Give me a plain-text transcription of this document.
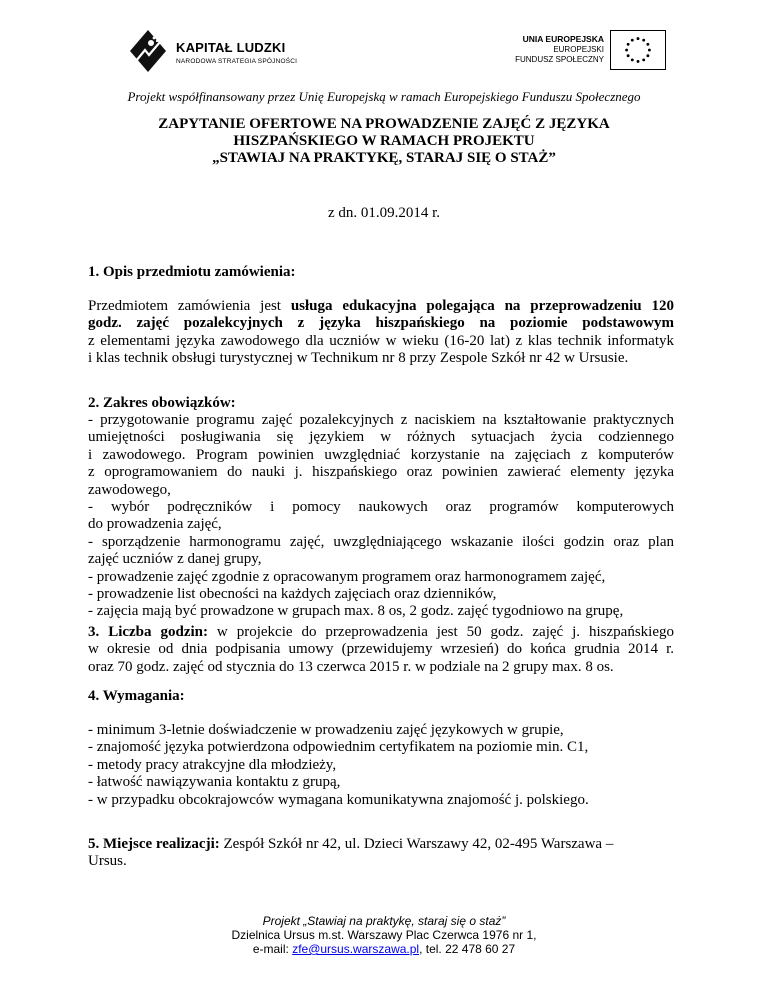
KAPITAŁ LUDZKI
NARODOWA STRATEGIA SPÓJNOŚCI
UNIA EUROPEJSKA
EUROPEJSKI
FUNDUSZ SPOŁECZNY
Projekt współfinansowany przez Unię Europejską w ramach Europejskiego Funduszu Społecznego
ZAPYTANIE OFERTOWE NA PROWADZENIE ZAJĘĆ Z JĘZYKA
HISZPAŃSKIEGO W RAMACH PROJEKTU
„STAWIAJ NA PRAKTYKĘ, STARAJ SIĘ O STAŻ”
z dn. 01.09.2014 r.
1. Opis przedmiotu zamówienia:
Przedmiotem zamówienia jest usługa edukacyjna polegająca na przeprowadzeniu 120
godz. zajęć pozalekcyjnych z języka hiszpańskiego na poziomie podstawowym
z elementami języka zawodowego dla uczniów w wieku (16-20 lat) z klas technik informatyk
i klas technik obsługi turystycznej w Technikum nr 8 przy Zespole Szkół nr 42 w Ursusie.
2. Zakres obowiązków:
- przygotowanie programu zajęć pozalekcyjnych z naciskiem na kształtowanie praktycznych
umiejętności posługiwania się językiem w różnych sytuacjach życia codziennego
i zawodowego. Program powinien uwzględniać korzystanie na zajęciach z komputerów
z oprogramowaniem do nauki j. hiszpańskiego oraz powinien zawierać elementy języka
zawodowego,
- wybór podręczników i pomocy naukowych oraz programów komputerowych
do prowadzenia zajęć,
- sporządzenie harmonogramu zajęć, uwzględniającego wskazanie ilości godzin oraz plan
zajęć uczniów z danej grupy,
- prowadzenie zajęć zgodnie z opracowanym programem oraz harmonogramem zajęć,
- prowadzenie list obecności na każdych zajęciach oraz dzienników,
- zajęcia mają być prowadzone w grupach max. 8 os, 2 godz. zajęć tygodniowo na grupę,
3. Liczba godzin: w projekcie do przeprowadzenia jest 50 godz. zajęć j. hiszpańskiego
w okresie od dnia podpisania umowy (przewidujemy wrzesień) do końca grudnia 2014 r.
oraz 70 godz. zajęć od stycznia do 13 czerwca 2015 r. w podziale na 2 grupy max. 8 os.
4. Wymagania:
- minimum 3-letnie doświadczenie w prowadzeniu zajęć językowych w grupie,
- znajomość języka potwierdzona odpowiednim certyfikatem na poziomie min. C1,
- metody pracy atrakcyjne dla młodzieży,
- łatwość nawiązywania kontaktu z grupą,
- w przypadku obcokrajowców wymagana komunikatywna znajomość j. polskiego.
5. Miejsce realizacji: Zespół Szkół nr 42, ul. Dzieci Warszawy 42, 02-495 Warszawa –
Ursus.
Projekt „Stawiaj na praktykę, staraj się o staż”
Dzielnica Ursus m.st. Warszawy Plac Czerwca 1976 nr 1,
e-mail: zfe@ursus.warszawa.pl, tel. 22 478 60 27
